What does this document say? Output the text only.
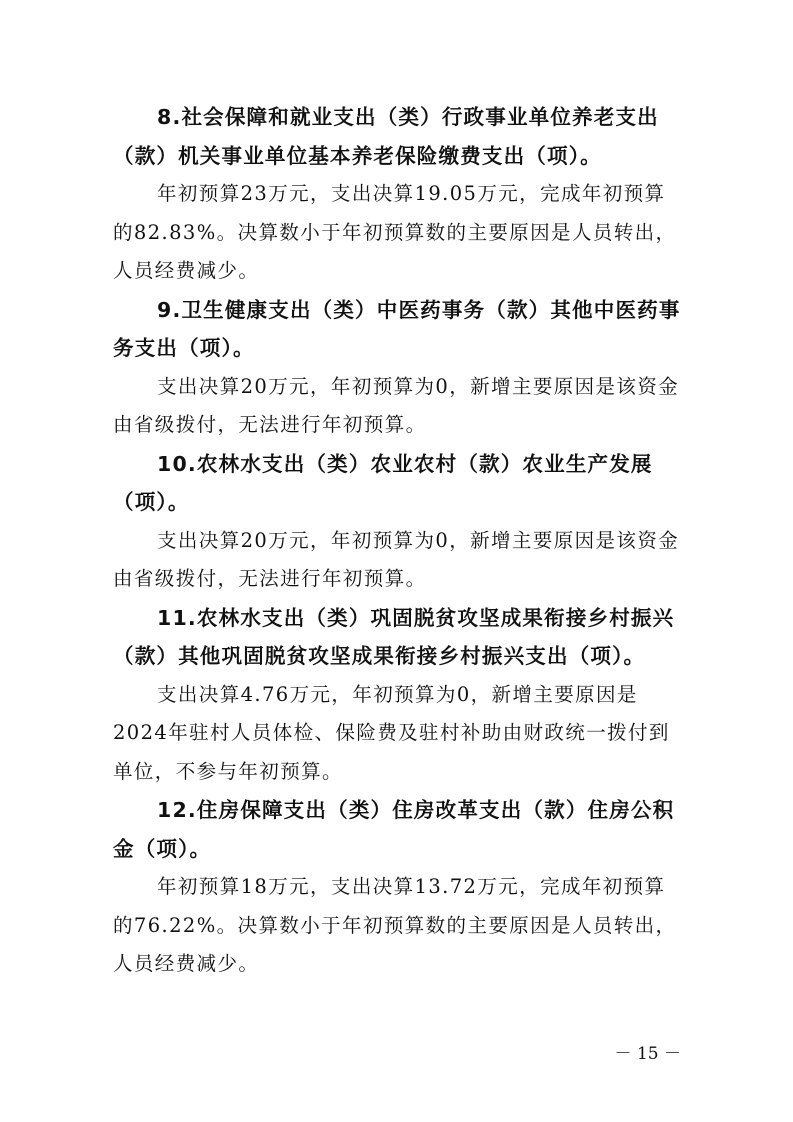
8.社会保障和就业支出（类）行政事业单位养老支出（款）机关事业单位基本养老保险缴费支出（项）。

年初预算23万元，支出决算19.05万元，完成年初预算的82.83%。决算数小于年初预算数的主要原因是人员转出，人员经费减少。

9.卫生健康支出（类）中医药事务（款）其他中医药事务支出（项）。

支出决算20万元，年初预算为0，新增主要原因是该资金由省级拨付，无法进行年初预算。

10.农林水支出（类）农业农村（款）农业生产发展（项）。

支出决算20万元，年初预算为0，新增主要原因是该资金由省级拨付，无法进行年初预算。

11.农林水支出（类）巩固脱贫攻坚成果衔接乡村振兴（款）其他巩固脱贫攻坚成果衔接乡村振兴支出（项）。

支出决算4.76万元，年初预算为0，新增主要原因是2024年驻村人员体检、保险费及驻村补助由财政统一拨付到单位，不参与年初预算。

12.住房保障支出（类）住房改革支出（款）住房公积金（项）。

年初预算18万元，支出决算13.72万元，完成年初预算的76.22%。决算数小于年初预算数的主要原因是人员转出，人员经费减少。

－ 15 －
